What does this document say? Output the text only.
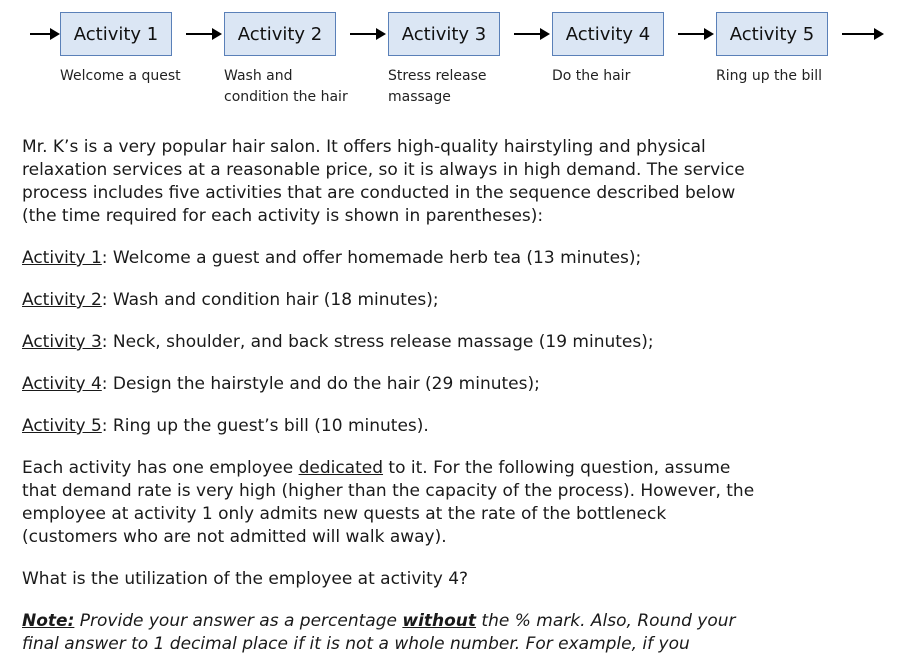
Activity 1	Activity 2	Activity 3	Activity 4	Activity 5
Welcome a quest	Wash and
condition the hair
Stress release
massage
Do the hair	Ring up the bill

Mr. K’s is a very popular hair salon. It offers high-quality hairstyling and physical relaxation services at a reasonable price, so it is always in high demand. The service process includes five activities that are conducted in the sequence described below (the time required for each activity is shown in parentheses):

Activity 1: Welcome a guest and offer homemade herb tea (13 minutes);

Activity 2: Wash and condition hair (18 minutes);

Activity 3: Neck, shoulder, and back stress release massage (19 minutes);

Activity 4: Design the hairstyle and do the hair (29 minutes);

Activity 5: Ring up the guest’s bill (10 minutes).

Each activity has one employee dedicated to it. For the following question, assume that demand rate is very high (higher than the capacity of the process). However, the employee at activity 1 only admits new quests at the rate of the bottleneck (customers who are not admitted will walk away).

What is the utilization of the employee at activity 4?

Note: Provide your answer as a percentage without the % mark. Also, Round your final answer to 1 decimal place if it is not a whole number. For example, if you
